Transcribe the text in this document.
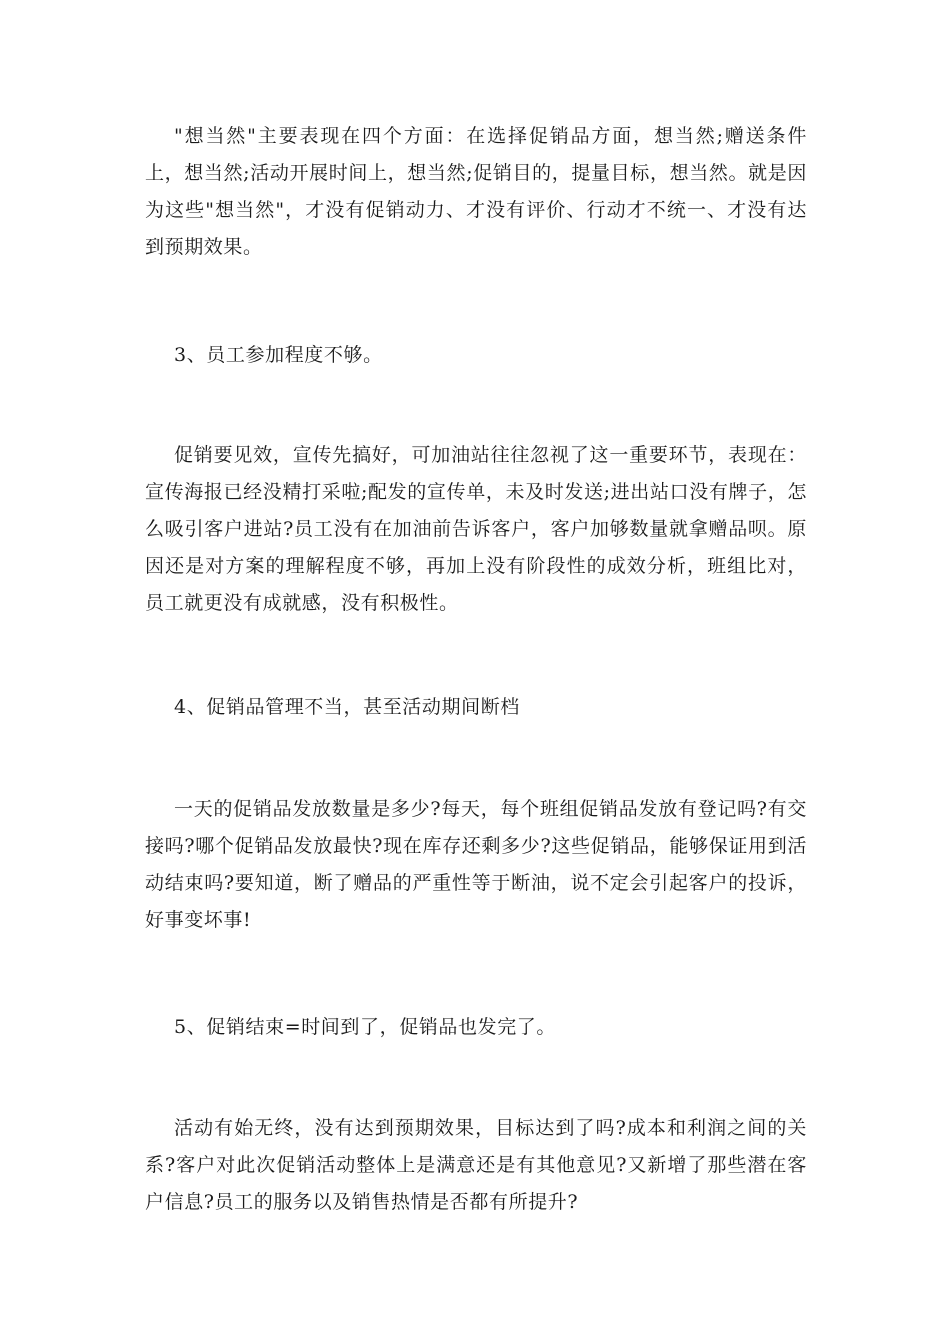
"想当然"主要表现在四个方面：在选择促销品方面，想当然;赠送条件上，想当然;活动开展时间上，想当然;促销目的，提量目标，想当然。就是因为这些"想当然"，才没有促销动力、才没有评价、行动才不统一、才没有达到预期效果。

3、员工参加程度不够。

促销要见效，宣传先搞好，可加油站往往忽视了这一重要环节，表现在：宣传海报已经没精打采啦;配发的宣传单，未及时发送;进出站口没有牌子，怎么吸引客户进站?员工没有在加油前告诉客户，客户加够数量就拿赠品呗。原因还是对方案的理解程度不够，再加上没有阶段性的成效分析，班组比对，员工就更没有成就感，没有积极性。

4、促销品管理不当，甚至活动期间断档

一天的促销品发放数量是多少?每天，每个班组促销品发放有登记吗?有交接吗?哪个促销品发放最快?现在库存还剩多少?这些促销品，能够保证用到活动结束吗?要知道，断了赠品的严重性等于断油，说不定会引起客户的投诉，好事变坏事!

5、促销结束=时间到了，促销品也发完了。

活动有始无终，没有达到预期效果，目标达到了吗?成本和利润之间的关系?客户对此次促销活动整体上是满意还是有其他意见?又新增了那些潜在客户信息?员工的服务以及销售热情是否都有所提升?
